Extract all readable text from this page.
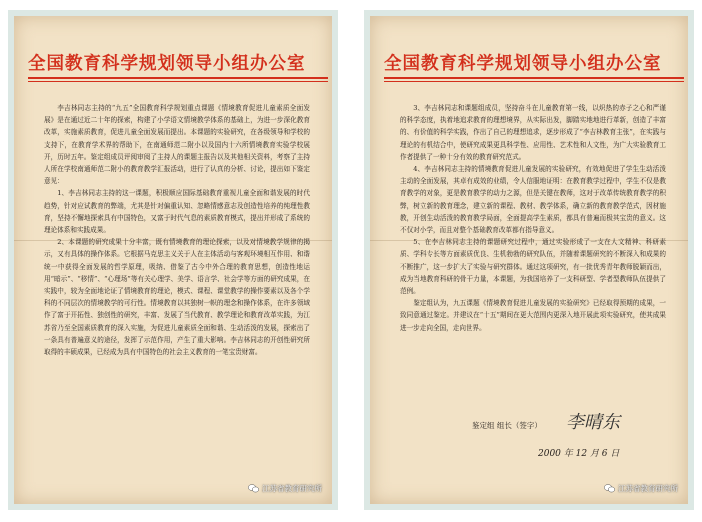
全国教育科学规划领导小组办公室

李吉林同志主持的“九五”全国教育科学规划重点课题《情境教育促进儿童素质全面发展》是在通过近二十年的探索，构建了小学语文情境教学体系的基础上，为进一步深化教育改革，实施素质教育，促进儿童全面发展而提出。本课题的实验研究，在各级领导和学校的支持下，在教育学术界的帮助下，在南通师范二附小以及国内十六所情境教育实验学校展开，历时五年。鉴定组成员评阅审阅了主持人的课题主报告以及其他相关资料，考察了主持人所在学校南通师范二附小的教育教学汇报活动，进行了认真的分析、讨论，提出如下鉴定意见：

1、李吉林同志主持的这一课题，积极顺应国际基础教育重视儿童全面和谐发展的时代趋势，针对应试教育的弊端，尤其是针对偏重认知、忽略情感意志及创造性培养的纯理性教育，坚持不懈地探索具有中国特色，又富于时代气息的素质教育模式，提出并形成了系统的理论体系和实践成果。

2、本课题的研究成果十分丰富，既有情境教育的理论探索，以及对情境教学规律的揭示，又有具体的操作体系。它根据马克思主义关于人在主体活动与客观环境相互作用、和谐统一中获得全面发展的哲学原理，吸纳、借鉴了古今中外合理的教育思想，创造性地运用“暗示”、“移情”、“心理场”等有关心理学、美学、语言学、社会学等方面的研究成果，在实践中，较为全面地论证了情境教育的理论，模式、课程、课堂教学的操作要素以及各个学科的不同层次的情境教学的可行性。情境教育以其独树一帜的理念和操作体系，在许多领域作了富于开拓性、独创性的研究，丰富、发展了当代教育、教学理论和教育改革实践，为江苏省乃至全国素质教育的深入实施，为促进儿童素质全面和谐、生动活泼的发展，探索出了一条具有普遍意义的途径，发挥了示范作用，产生了重大影响。李吉林同志的开创性研究所取得的丰硕成果，已经成为具有中国特色的社会主义教育的一笔宝贵财富。

江苏省教育研究所
全国教育科学规划领导小组办公室

3、李吉林同志和课题组成员，坚持奋斗在儿童教育第一线，以炽热的赤子之心和严谨的科学态度，执着地追求教育的理想境界，从实际出发，脚踏实地地进行革新，创造了丰富的、有价值的科学实践，作出了自己的理想追求，逐步形成了“李吉林教育主张”，在实践与理论的有机结合中，使研究成果更具科学性、应用性、艺术性和人文性，为广大实验教育工作者提供了一种十分有效的教育研究范式。

4、李吉林同志主持的情境教育促进儿童发展的实验研究，有效地促进了学生生动活泼主动的全面发展，其卓有成效的业绩，令人信服地证明：在教育教学过程中，学生不仅是教育教学的对象，更是教育教学的动力之源，但是关键在教师，这对于改革传统教育教学的积弊，树立新的教育理念，建立新的课程、教材、教学体系，确立新的教育教学范式，因材施教，开创生动活泼的教育教学局面，全面提高学生素质，都具有普遍而极其宝贵的意义。这不仅对小学，而且对整个基础教育改革都有指导意义。

5、在李吉林同志主持的课题研究过程中，通过实验形成了一支在人文精神、科研素质、学科专长等方面素质优良、生机勃勃的研究队伍，并随着课题研究的不断深入和成果的不断推广，这一步扩大了实验与研究群体。通过这项研究，有一批优秀青年教师脱颖而出，成为当地教育科研的骨干力量，本课题，为我国培养了一支科研型、学者型教师队伍提供了范例。

鉴定组认为，九五课题《情境教育促进儿童发展的实验研究》已经取得预期的成果，一致同意通过鉴定。并建议在“十五”期间在更大范围内更深入地开展此项实验研究，使其成果进一步走向全国，走向世界。

鉴定组 组长（签字） 李晴东
2000 年 12 月 6 日
江苏省教育研究所
